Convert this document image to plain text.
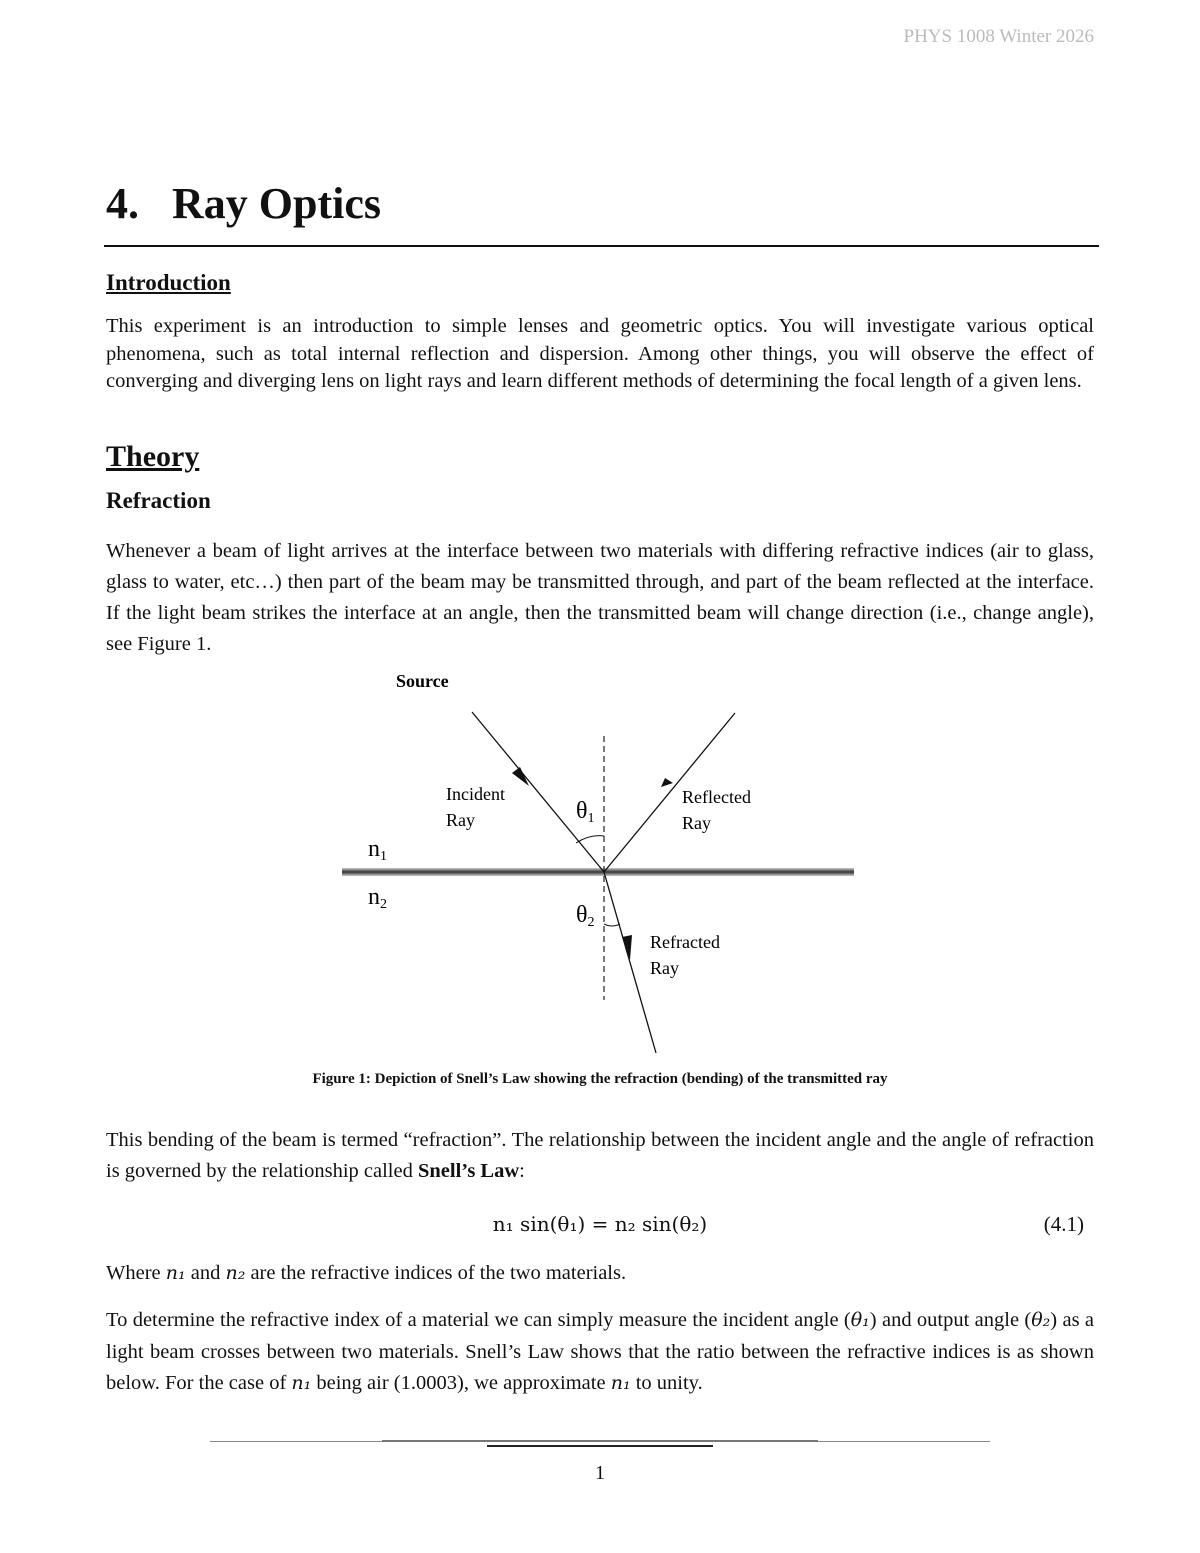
PHYS 1008 Winter 2026
4.   Ray Optics
Introduction
This experiment is an introduction to simple lenses and geometric optics. You will investigate various optical phenomena, such as total internal reflection and dispersion. Among other things, you will observe the effect of converging and diverging lens on light rays and learn different methods of determining the focal length of a given lens.
Theory
Refraction
Whenever a beam of light arrives at the interface between two materials with differing refractive indices (air to glass, glass to water, etc…) then part of the beam may be transmitted through, and part of the beam reflected at the interface. If the light beam strikes the interface at an angle, then the transmitted beam will change direction (i.e., change angle), see Figure 1.
Source
Incident
Ray
Reflected
Ray
Refracted
Ray
n1
n2
θ1
θ2
Figure 1: Depiction of Snell’s Law showing the refraction (bending) of the transmitted ray
This bending of the beam is termed “refraction”. The relationship between the incident angle and the angle of refraction is governed by the relationship called Snell’s Law:
n₁ sin(θ₁) = n₂ sin(θ₂)	(4.1)
Where n₁ and n₂ are the refractive indices of the two materials.
To determine the refractive index of a material we can simply measure the incident angle (θ₁) and output angle (θ₂) as a light beam crosses between two materials. Snell’s Law shows that the ratio between the refractive indices is as shown below. For the case of n₁ being air (1.0003), we approximate n₁ to unity.
1
